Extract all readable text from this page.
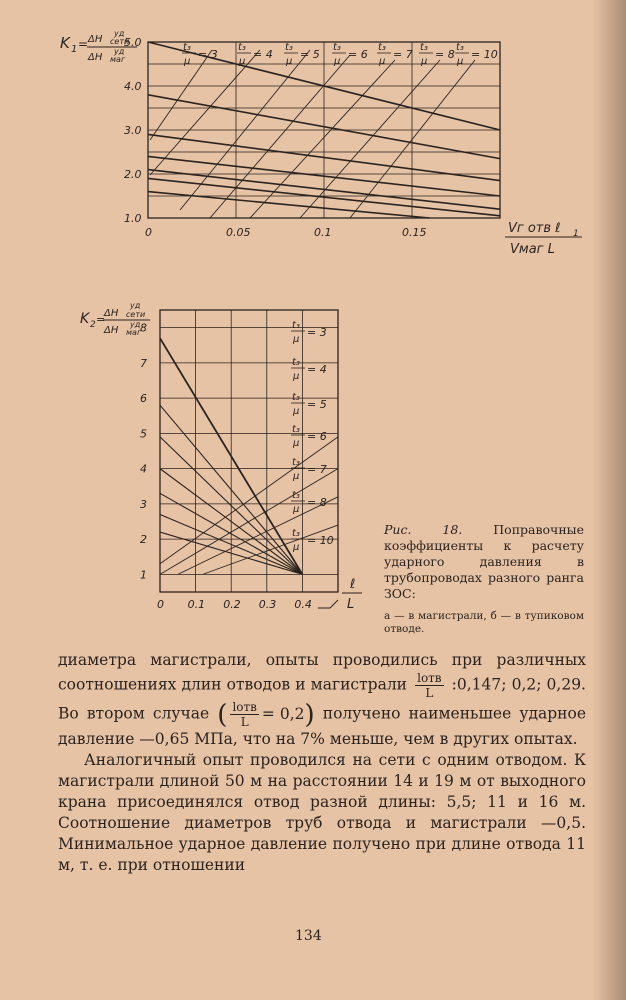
K 1 = ΔH
уд
сети
ΔH
уд
маг
1.0
2.0
3.0
4.0
5.0
0	0.05	0.1	0.15
t₃
μ
= 3
t₃
μ
= 4
t₃
μ
= 5
t₃
μ
= 6
t₃
μ
= 7
t₃
μ
= 8
t₃
μ
= 10
Vг отв ℓ 1
Vмаг L
K 2 =
ΔH
уд
сети
ΔH
уд
маг
1
2
3
4
5
6
7
8
0 0.1 0.2 0.3 0.4
t₃
μ
= 3
t₃
μ
= 4
t₃
μ
= 5
t₃
μ
= 6
t₃
μ
= 7
t₃
μ
= 8
t₃
μ
= 10
ℓ
L
Рис. 18. Поправочные коэффициенты к расчету ударного давления в трубопроводах разного ранга ЗОС:
а — в магистрали, б — в тупиковом отводе.

диаметра магистрали, опыты проводились при различных соотношениях длин отводов и магистрали $\frac{\text{lотв}}{L}$ :0,147; 0,2; 0,29. Во втором случае ( $\frac{\text{lотв}}{L} = 0,2$ ) получено наименьшее ударное давление —0,65 МПа, что на 7% меньше, чем в других опытах.

Аналогичный опыт проводился на сети с одним отводом. К магистрали длиной 50 м на расстоянии 14 и 19 м от выходного крана присоединялся отвод разной длины: 5,5; 11 и 16 м. Соотношение диаметров труб отвода и магистрали —0,5. Минимальное ударное давление получено при длине отвода 11 м, т. е. при отношении

134
